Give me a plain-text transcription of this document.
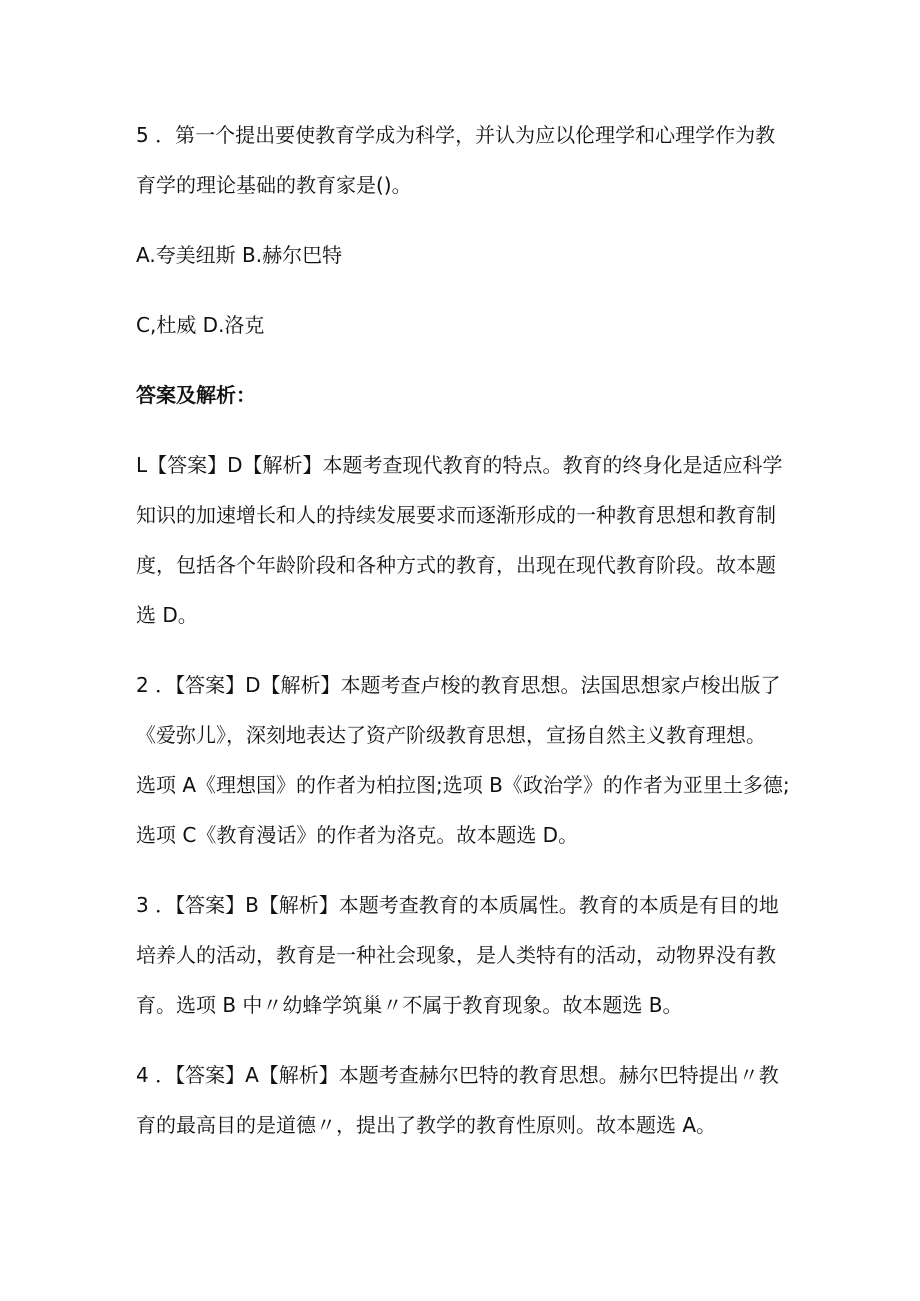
5 ．第一个提出要使教育学成为科学，并认为应以伦理学和心理学作为教
育学的理论基础的教育家是()。
A.夸美纽斯 B.赫尔巴特
C,杜威 D.洛克
答案及解析：
L【答案】D【解析】本题考查现代教育的特点。教育的终身化是适应科学
知识的加速增长和人的持续发展要求而逐渐形成的一种教育思想和教育制
度，包括各个年龄阶段和各种方式的教育，出现在现代教育阶段。故本题
选 D。
2 ．【答案】D【解析】本题考查卢梭的教育思想。法国思想家卢梭出版了
《爱弥儿》，深刻地表达了资产阶级教育思想，宣扬自然主义教育理想。
选项 A《理想国》的作者为柏拉图;选项 B《政治学》的作者为亚里土多德;
选项 C《教育漫话》的作者为洛克。故本题选 D。
3 ．【答案】B【解析】本题考查教育的本质属性。教育的本质是有目的地
培养人的活动，教育是一种社会现象，是人类特有的活动，动物界没有教
育。选项 B 中〃幼蜂学筑巢〃不属于教育现象。故本题选 B。
4 ．【答案】A【解析】本题考查赫尔巴特的教育思想。赫尔巴特提出〃教
育的最高目的是道德〃，提出了教学的教育性原则。故本题选 A。
